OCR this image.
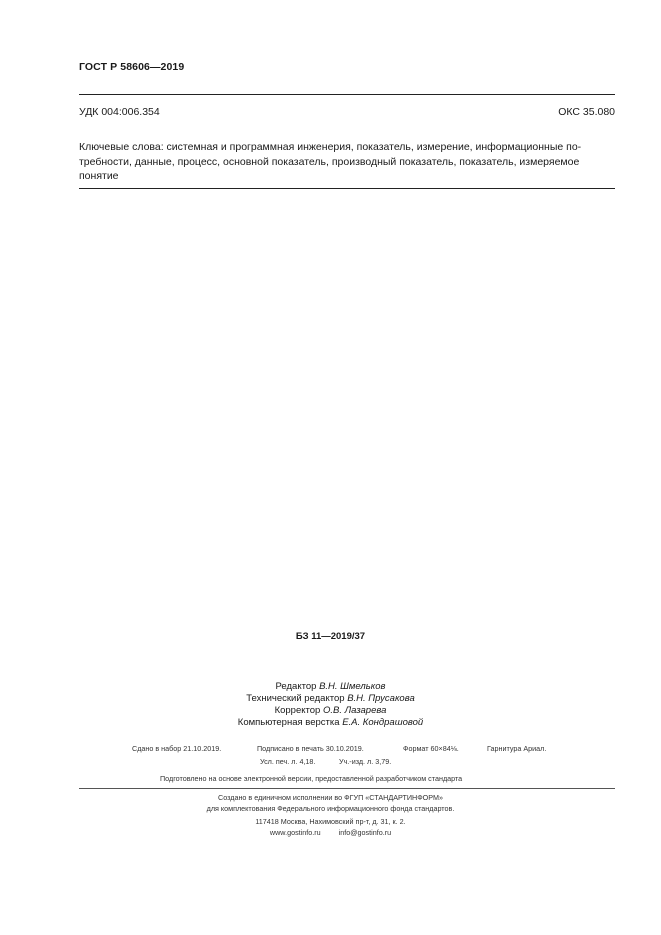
ГОСТ Р 58606—2019
УДК 004:006.354	ОКС 35.080
Ключевые слова: системная и программная инженерия, показатель, измерение, информационные по-
требности, данные, процесс, основной показатель, производный показатель, показатель, измеряемое
понятие
БЗ 11—2019/37
Редактор В.Н. Шмельков
Технический редактор В.Н. Прусакова
Корректор О.В. Лазарева
Компьютерная верстка Е.А. Кондрашовой
Сдано в набор 21.10.2019.	Подписано в печать 30.10.2019.	Формат 60×84⅛.	Гарнитура Ариал.
Усл. печ. л. 4,18.	Уч.-изд. л. 3,79.
Подготовлено на основе электронной версии, предоставленной разработчиком стандарта
Создано в единичном исполнении во ФГУП «СТАНДАРТИНФОРМ»
для комплектования Федерального информационного фонда стандартов.
117418 Москва, Нахимовский пр-т, д. 31, к. 2.
www.gostinfo.ru	info@gostinfo.ru
